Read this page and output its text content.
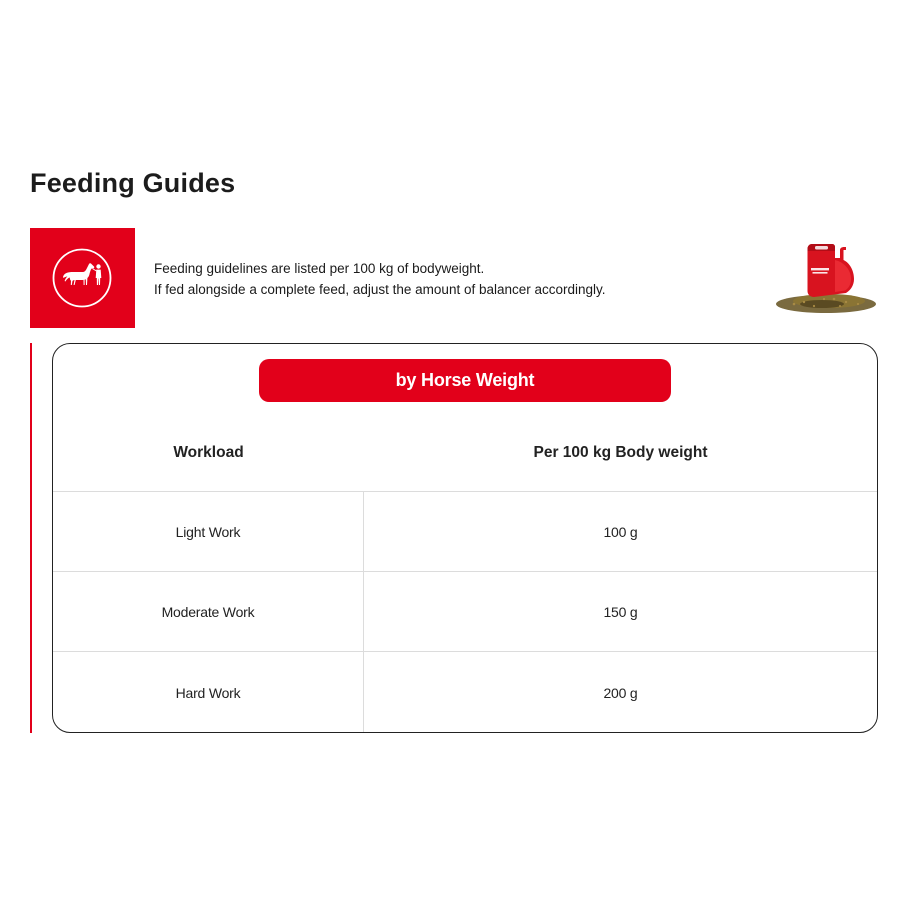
Feeding Guides
Feeding guidelines are listed per 100 kg of bodyweight.
If fed alongside a complete feed, adjust the amount of balancer accordingly.
by Horse Weight
Workload	Per 100 kg Body weight
Light Work	100 g
Moderate Work	150 g
Hard Work	200 g
